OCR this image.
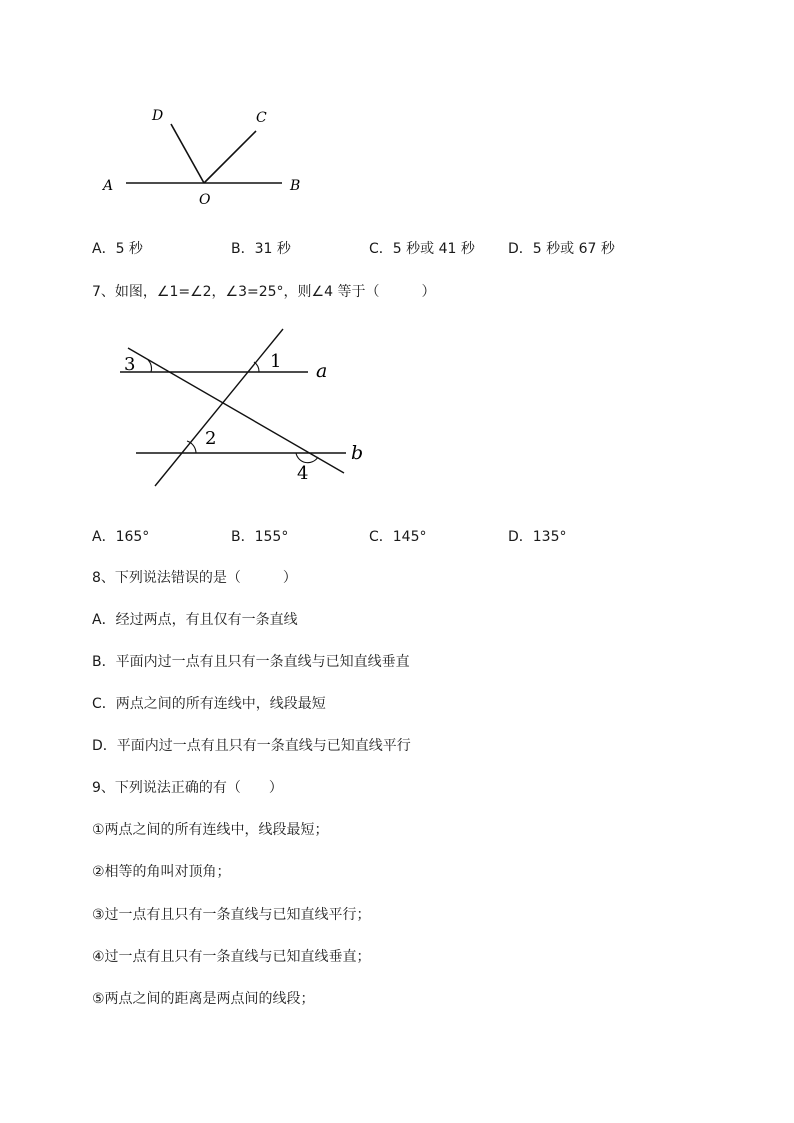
D	C
A	B
O
A．5 秒	B．31 秒	C．5 秒或 41 秒 D．5 秒或 67 秒
7、如图，∠1=∠2，∠3=25°，则∠4 等于（　　　）
3	1 a
2
b
4
A．165°	B．155°	C．145°	D．135°
8、下列说法错误的是（　　　）
A．经过两点，有且仅有一条直线
B．平面内过一点有且只有一条直线与已知直线垂直
C．两点之间的所有连线中，线段最短
D．平面内过一点有且只有一条直线与已知直线平行
9、下列说法正确的有（　　）
①两点之间的所有连线中，线段最短；
②相等的角叫对顶角；
③过一点有且只有一条直线与已知直线平行；
④过一点有且只有一条直线与已知直线垂直；
⑤两点之间的距离是两点间的线段；
